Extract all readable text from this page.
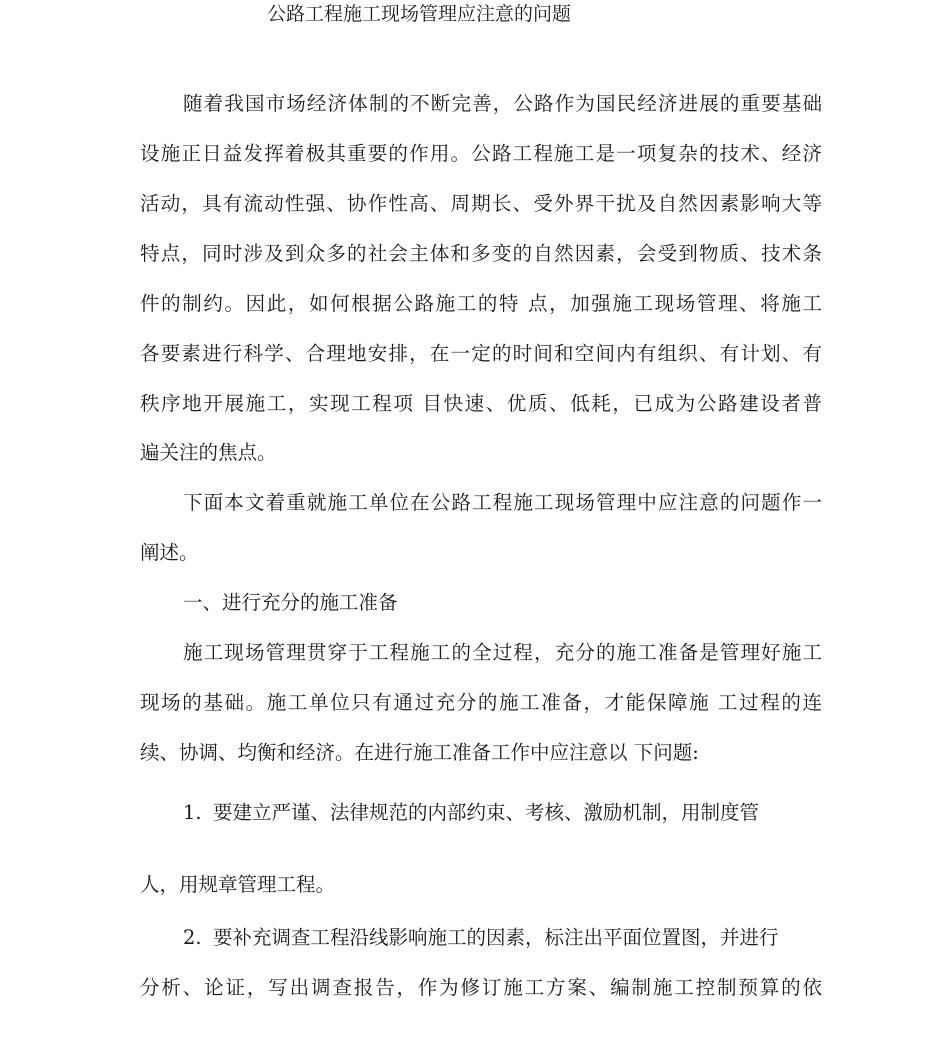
公路工程施工现场管理应注意的问题
随着我国市场经济体制的不断完善，公路作为国民经济进展的重要基础
设施正日益发挥着极其重要的作用。公路工程施工是一项复杂的技术、经济
活动，具有流动性强、协作性高、周期长、受外界干扰及自然因素影响大等
特点，同时涉及到众多的社会主体和多变的自然因素，会受到物质、技术条
件的制约。因此，如何根据公路施工的特 点，加强施工现场管理、将施工
各要素进行科学、合理地安排，在一定的时间和空间内有组织、有计划、有
秩序地开展施工，实现工程项 目快速、优质、低耗，已成为公路建设者普
遍关注的焦点。
下面本文着重就施工单位在公路工程施工现场管理中应注意的问题作一
阐述。
一、进行充分的施工准备
施工现场管理贯穿于工程施工的全过程，充分的施工准备是管理好施工
现场的基础。施工单位只有通过充分的施工准备，才能保障施 工过程的连
续、协调、均衡和经济。在进行施工准备工作中应注意以 下问题:
1. 要建立严谨、法律规范的内部约束、考核、激励机制，用制度管
人，用规章管理工程。
2. 要补充调查工程沿线影响施工的因素，标注出平面位置图，并进行
分析、论证，写出调查报告，作为修订施工方案、编制施工控制预算的依
